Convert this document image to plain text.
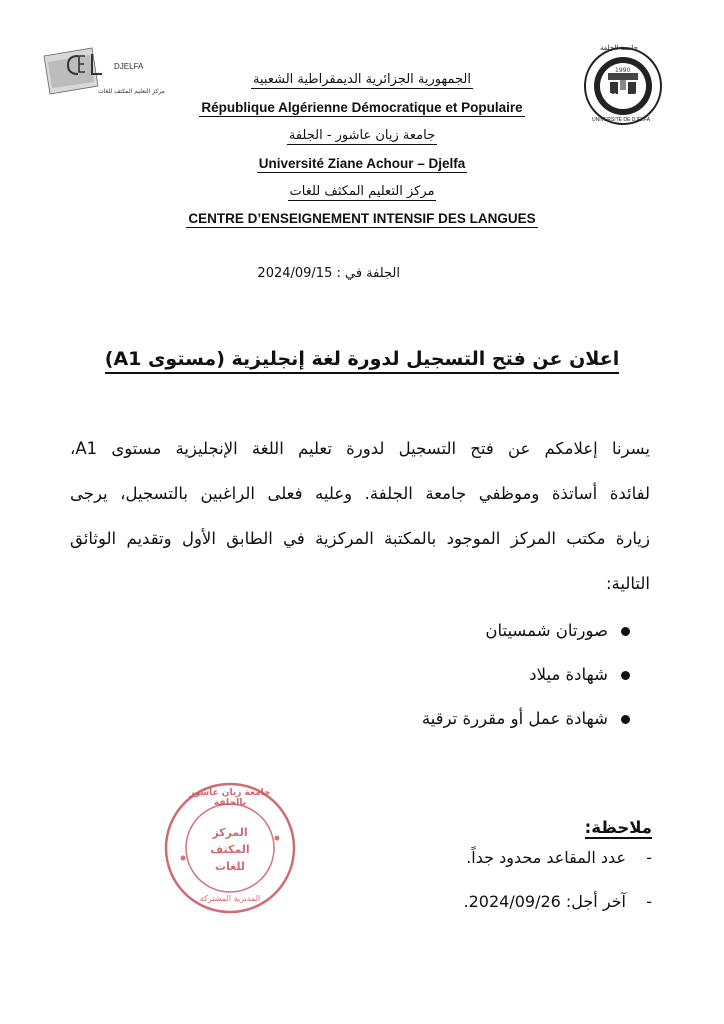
DJELFA
مركز التعليم المكثف للغات
جامعة الجلفة
1990
U D
UNIVERSITÉ DE DJELFA
الجمهورية الجزائرية الديمقراطية الشعبية
République Algérienne Démocratique et Populaire
جامعة زيان عاشور - الجلفة
Université Ziane Achour – Djelfa
مركز التعليم المكثف للغات
CENTRE D’ENSEIGNEMENT INTENSIF DES LANGUES
الجلفة في : 2024/09/15
اعلان عن فتح التسجيل لدورة لغة إنجليزية (مستوى A1)
يسرنا إعلامكم عن فتح التسجيل لدورة تعليم اللغة الإنجليزية مستوى A1،
لفائدة أساتذة وموظفي جامعة الجلفة. وعليه فعلى الراغبين بالتسجيل، يرجى
زيارة مكتب المركز الموجود بالمكتبة المركزية في الطابق الأول وتقديم الوثائق
التالية:
صورتان شمسيتان
شهادة ميلاد
شهادة عمل أو مقررة ترقية
جامعة زيان عاشور بالجلفة
المركز المكثف للغات
المديرية المشتركة
ملاحظة:
-
عدد المقاعد محدود جداً.
-
آخر أجل: 2024/09/26.
